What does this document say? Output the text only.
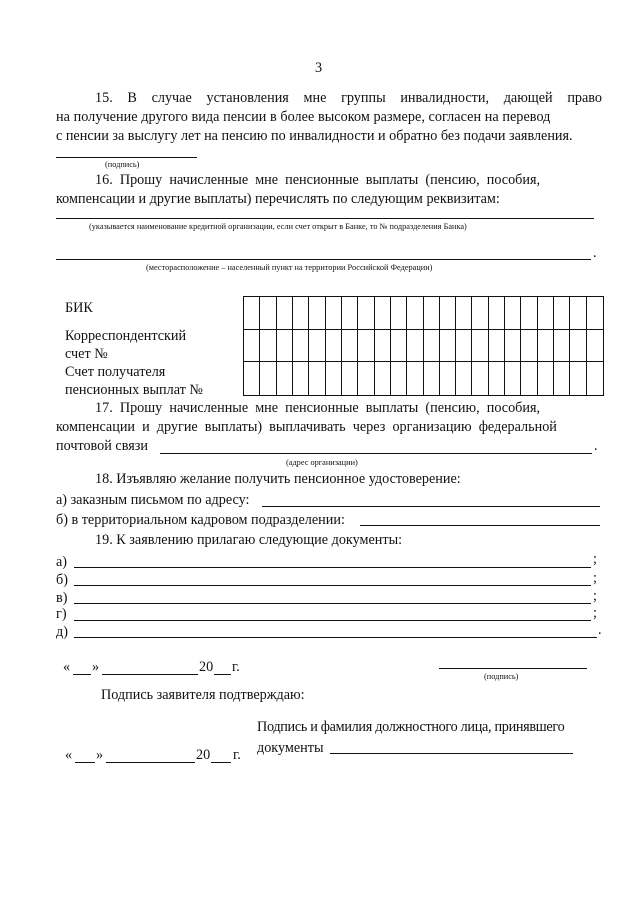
3
15. В случае установления мне группы инвалидности, дающей право
на получение другого вида пенсии в более высоком размере, согласен на перевод
с пенсии за выслугу лет на пенсию по инвалидности и обратно без подачи заявления.
(подпись)
16.  Прошу  начисленные  мне  пенсионные  выплаты  (пенсию,  пособия,
компенсации и другие выплаты) перечислять по следующим реквизитам:
(указывается наименование кредитной организации, если счет открыт в Банке, то № подразделения Банка)
.
(месторасположение – населенный пункт на территории Российской Федерации)
БИК
Корреспондентский
счет №
Счет получателя
пенсионных выплат №
17.  Прошу  начисленные  мне  пенсионные  выплаты  (пенсию,  пособия,
компенсации  и  другие  выплаты)  выплачивать  через  организацию  федеральной
почтовой связи	.
(адрес организации)
18. Изъявляю желание получить пенсионное удостоверение:
а) заказным письмом по адресу:
б) в территориальном кадровом подразделении:
19. К заявлению прилагаю следующие документы:
а)	;
б)	;
в)	;
г)	;
д)	.
« »	20 г.
(подпись)
Подпись заявителя подтверждаю:
Подпись и фамилия должностного лица, принявшего
документы
« »	20 г.
